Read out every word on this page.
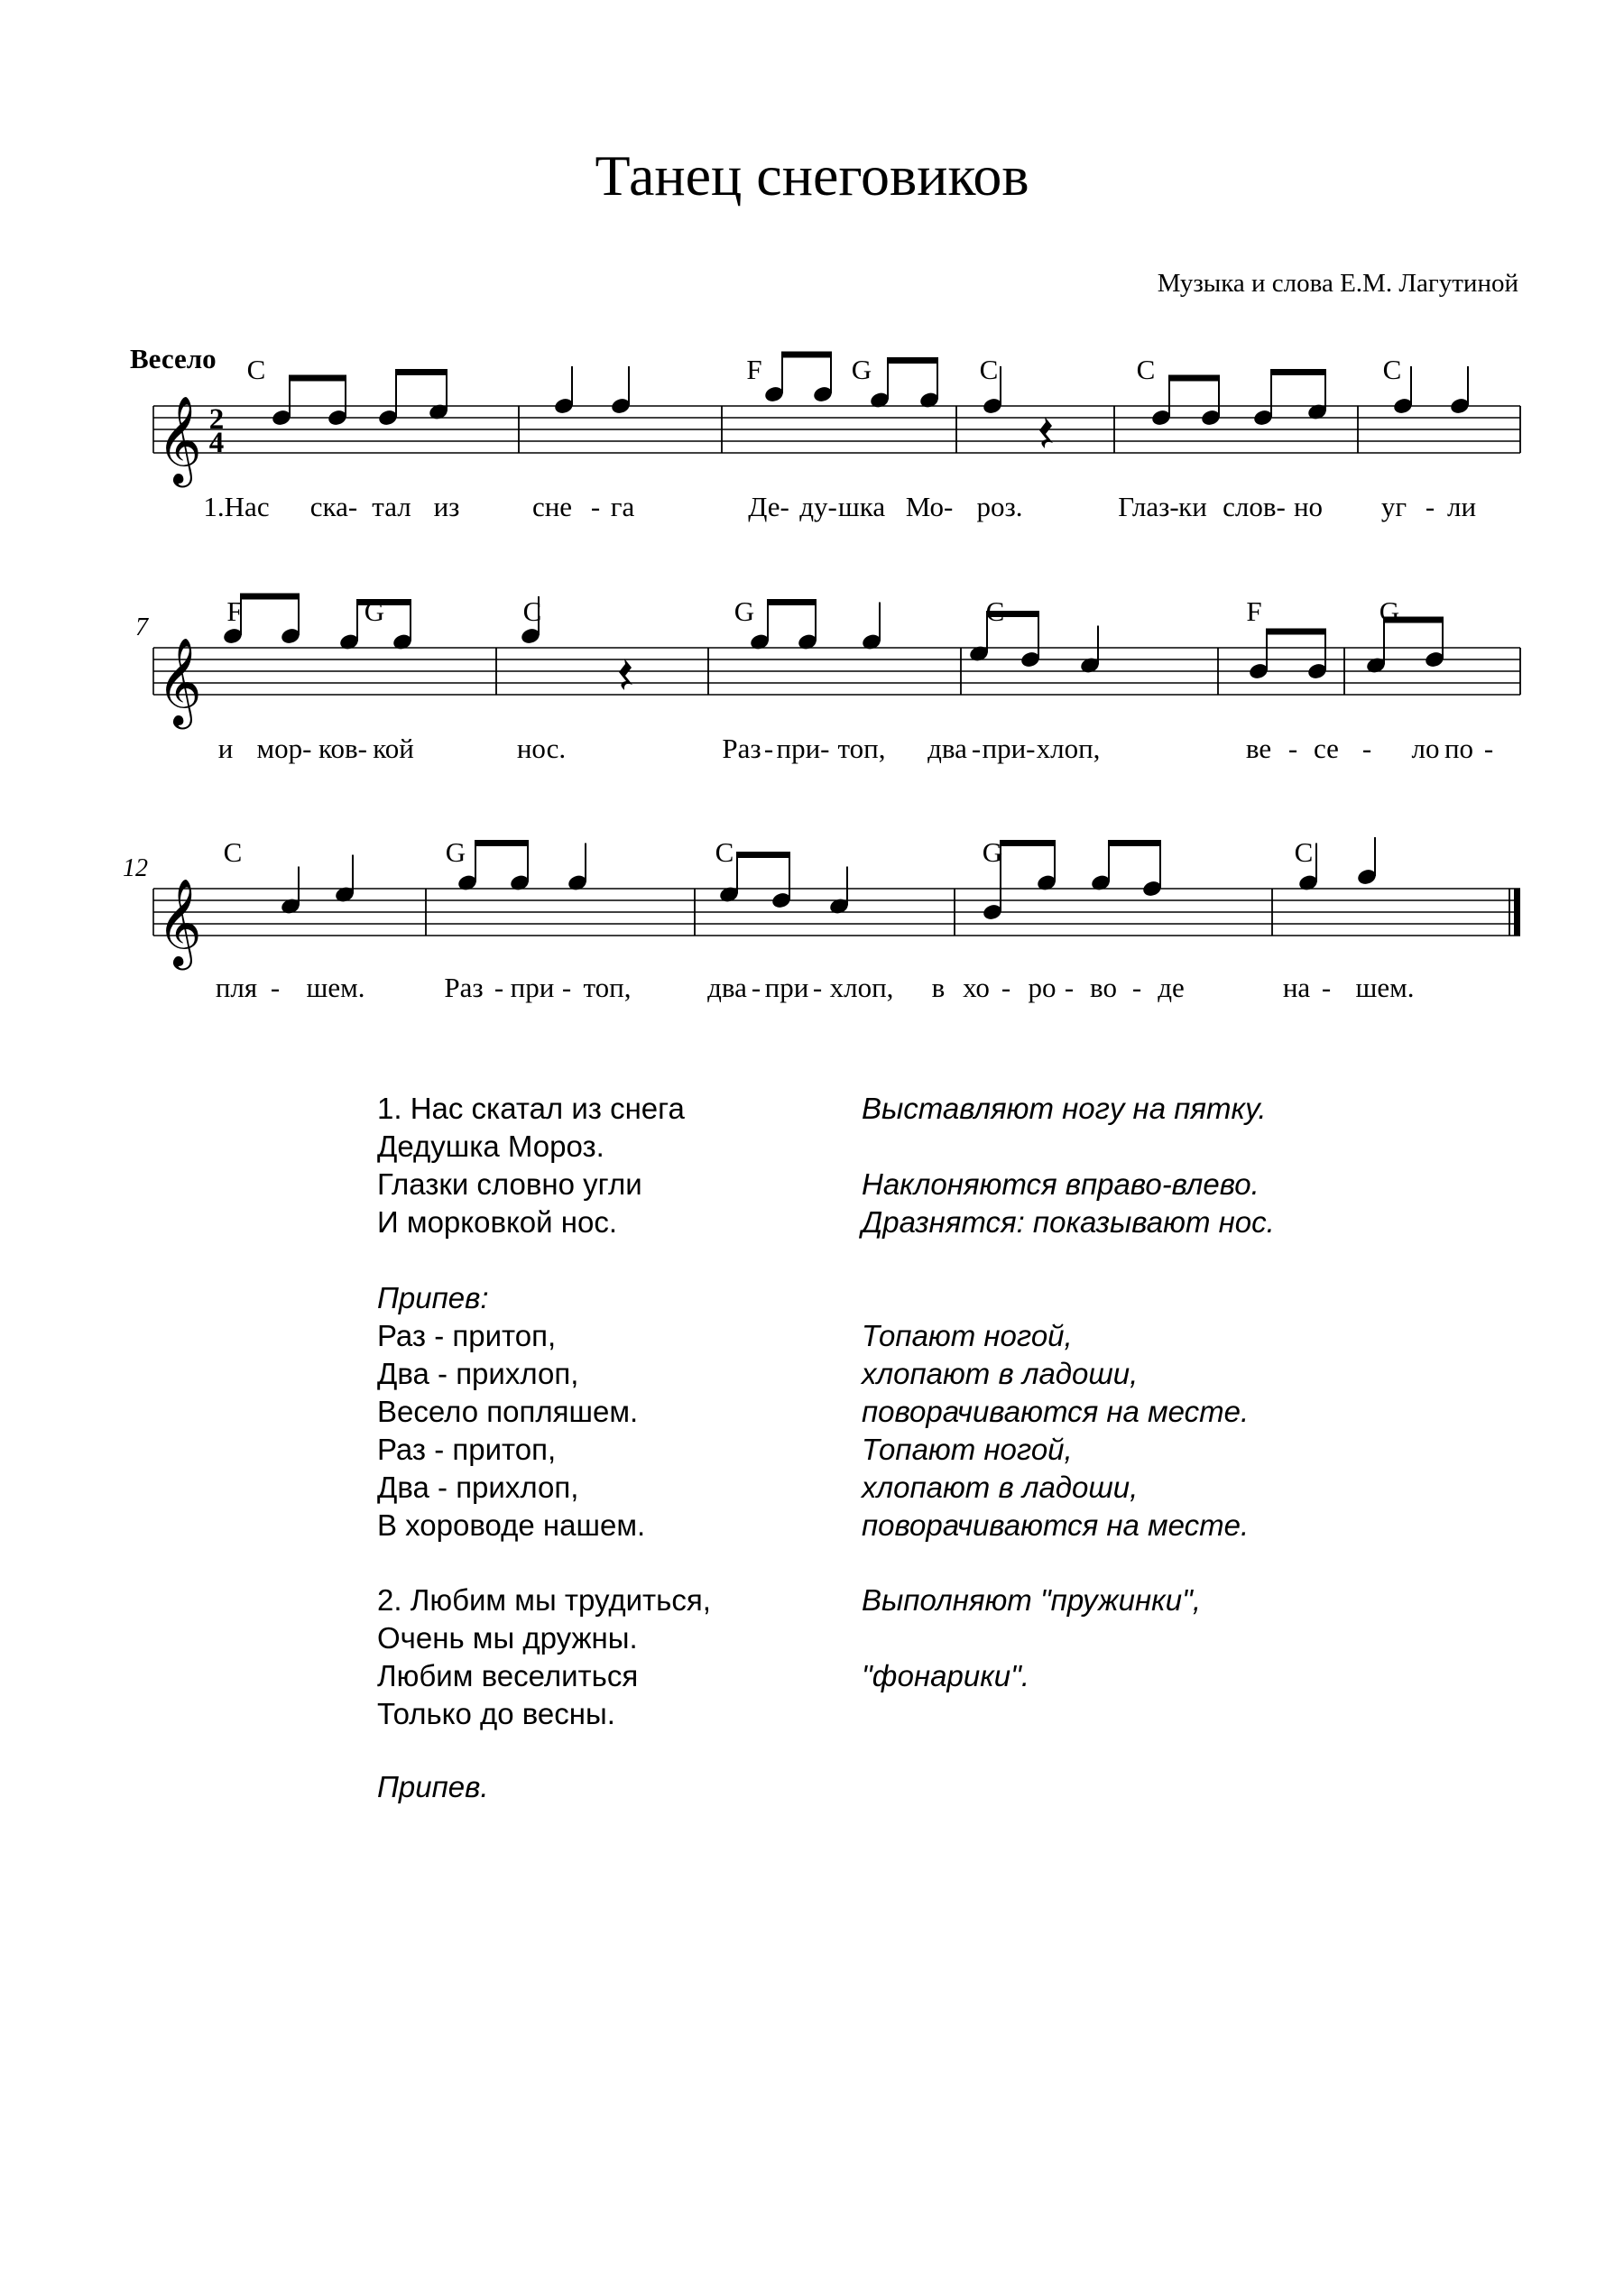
Танец снеговиков
Музыка и слова Е.М. Лагутиной
Весело
𝄞 2
4
C	F	G	C	C	C
1.Нас ска- тал из	сне - га	Де- ду- шка Мо- роз.	Глаз- ки слов- но уг - ли
𝄞
7
F	G	C	G	C	F	G
и мор- ков- кой	нос.	Раз - при- топ, два - при- хлоп,	ве - се - ло по -
𝄞
12
C	G	C	G	C
пля - шем.	Раз - при - топ,	два - при - хлоп, в хо - ро - во - де	на - шем.
1. Нас скатал из снега	Выставляют ногу на пятку.
Дедушка Мороз.
Глазки словно угли	Наклоняются вправо-влево.
И морковкой нос.	Дразнятся: показывают нос.
Припев:
Раз - притоп,	Топают ногой,
Два - прихлоп,	хлопают в ладоши,
Весело попляшем.	поворачиваются на месте.
Раз - притоп,	Топают ногой,
Два - прихлоп,	хлопают в ладоши,
В хороводе нашем.	поворачиваются на месте.
2. Любим мы трудиться,	Выполняют "пружинки",
Очень мы дружны.
Любим веселиться	"фонарики".
Только до весны.
Припев.
